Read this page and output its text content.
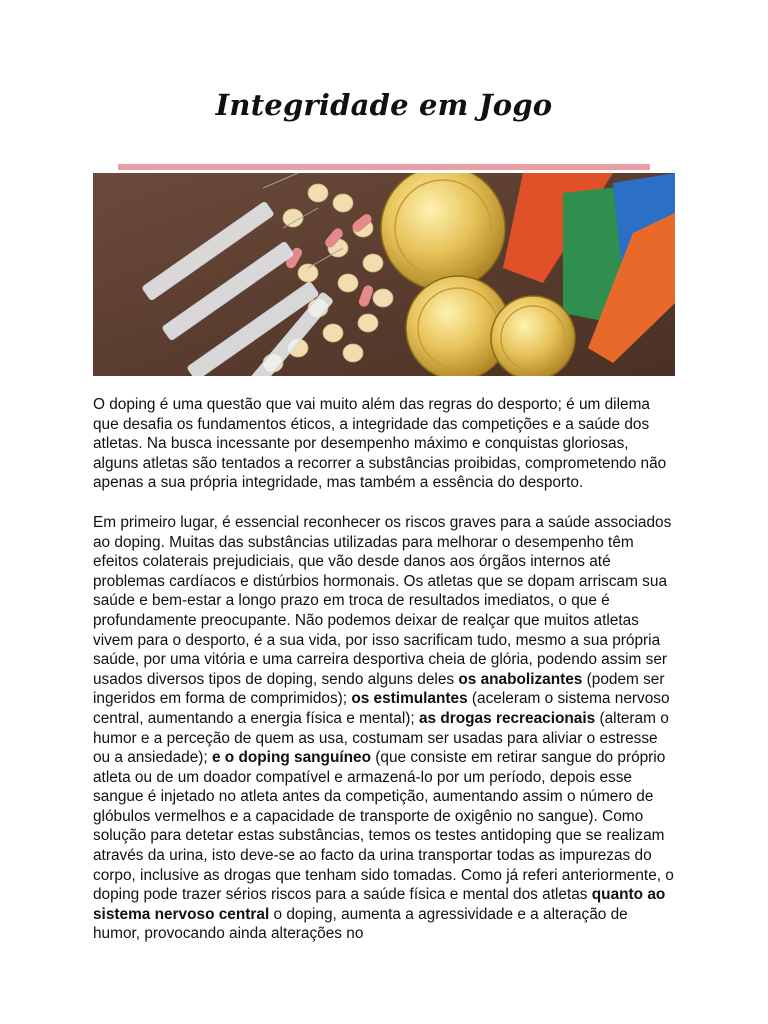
Integridade em Jogo

O doping é uma questão que vai muito além das regras do desporto; é um dilema que desafia os fundamentos éticos, a integridade das competições e a saúde dos atletas. Na busca incessante por desempenho máximo e conquistas gloriosas, alguns atletas são tentados a recorrer a substâncias proibidas, comprometendo não apenas a sua própria integridade, mas também a essência do desporto.

Em primeiro lugar, é essencial reconhecer os riscos graves para a saúde associados ao doping. Muitas das substâncias utilizadas para melhorar o desempenho têm efeitos colaterais prejudiciais, que vão desde danos aos órgãos internos até problemas cardíacos e distúrbios hormonais. Os atletas que se dopam arriscam sua saúde e bem-estar a longo prazo em troca de resultados imediatos, o que é profundamente preocupante. Não podemos deixar de realçar que muitos atletas vivem para o desporto, é a sua vida, por isso sacrificam tudo, mesmo a sua própria saúde, por uma vitória e uma carreira desportiva cheia de glória, podendo assim ser usados diversos tipos de doping, sendo alguns deles os anabolizantes (podem ser ingeridos em forma de comprimidos); os estimulantes (aceleram o sistema nervoso central, aumentando a energia física e mental); as drogas recreacionais (alteram o humor e a perceção de quem as usa, costumam ser usadas para aliviar o estresse ou a ansiedade); e o doping sanguíneo (que consiste em retirar sangue do próprio atleta ou de um doador compatível e armazená-lo por um período, depois esse sangue é injetado no atleta antes da competição, aumentando assim o número de glóbulos vermelhos e a capacidade de transporte de oxigênio no sangue). Como solução para detetar estas substâncias, temos os testes antidoping que se realizam através da urina, isto deve-se ao facto da urina transportar todas as impurezas do corpo, inclusive as drogas que tenham sido tomadas. Como já referi anteriormente, o doping pode trazer sérios riscos para a saúde física e mental dos atletas quanto ao sistema nervoso central o doping, aumenta a agressividade e a alteração de humor, provocando ainda alterações no
